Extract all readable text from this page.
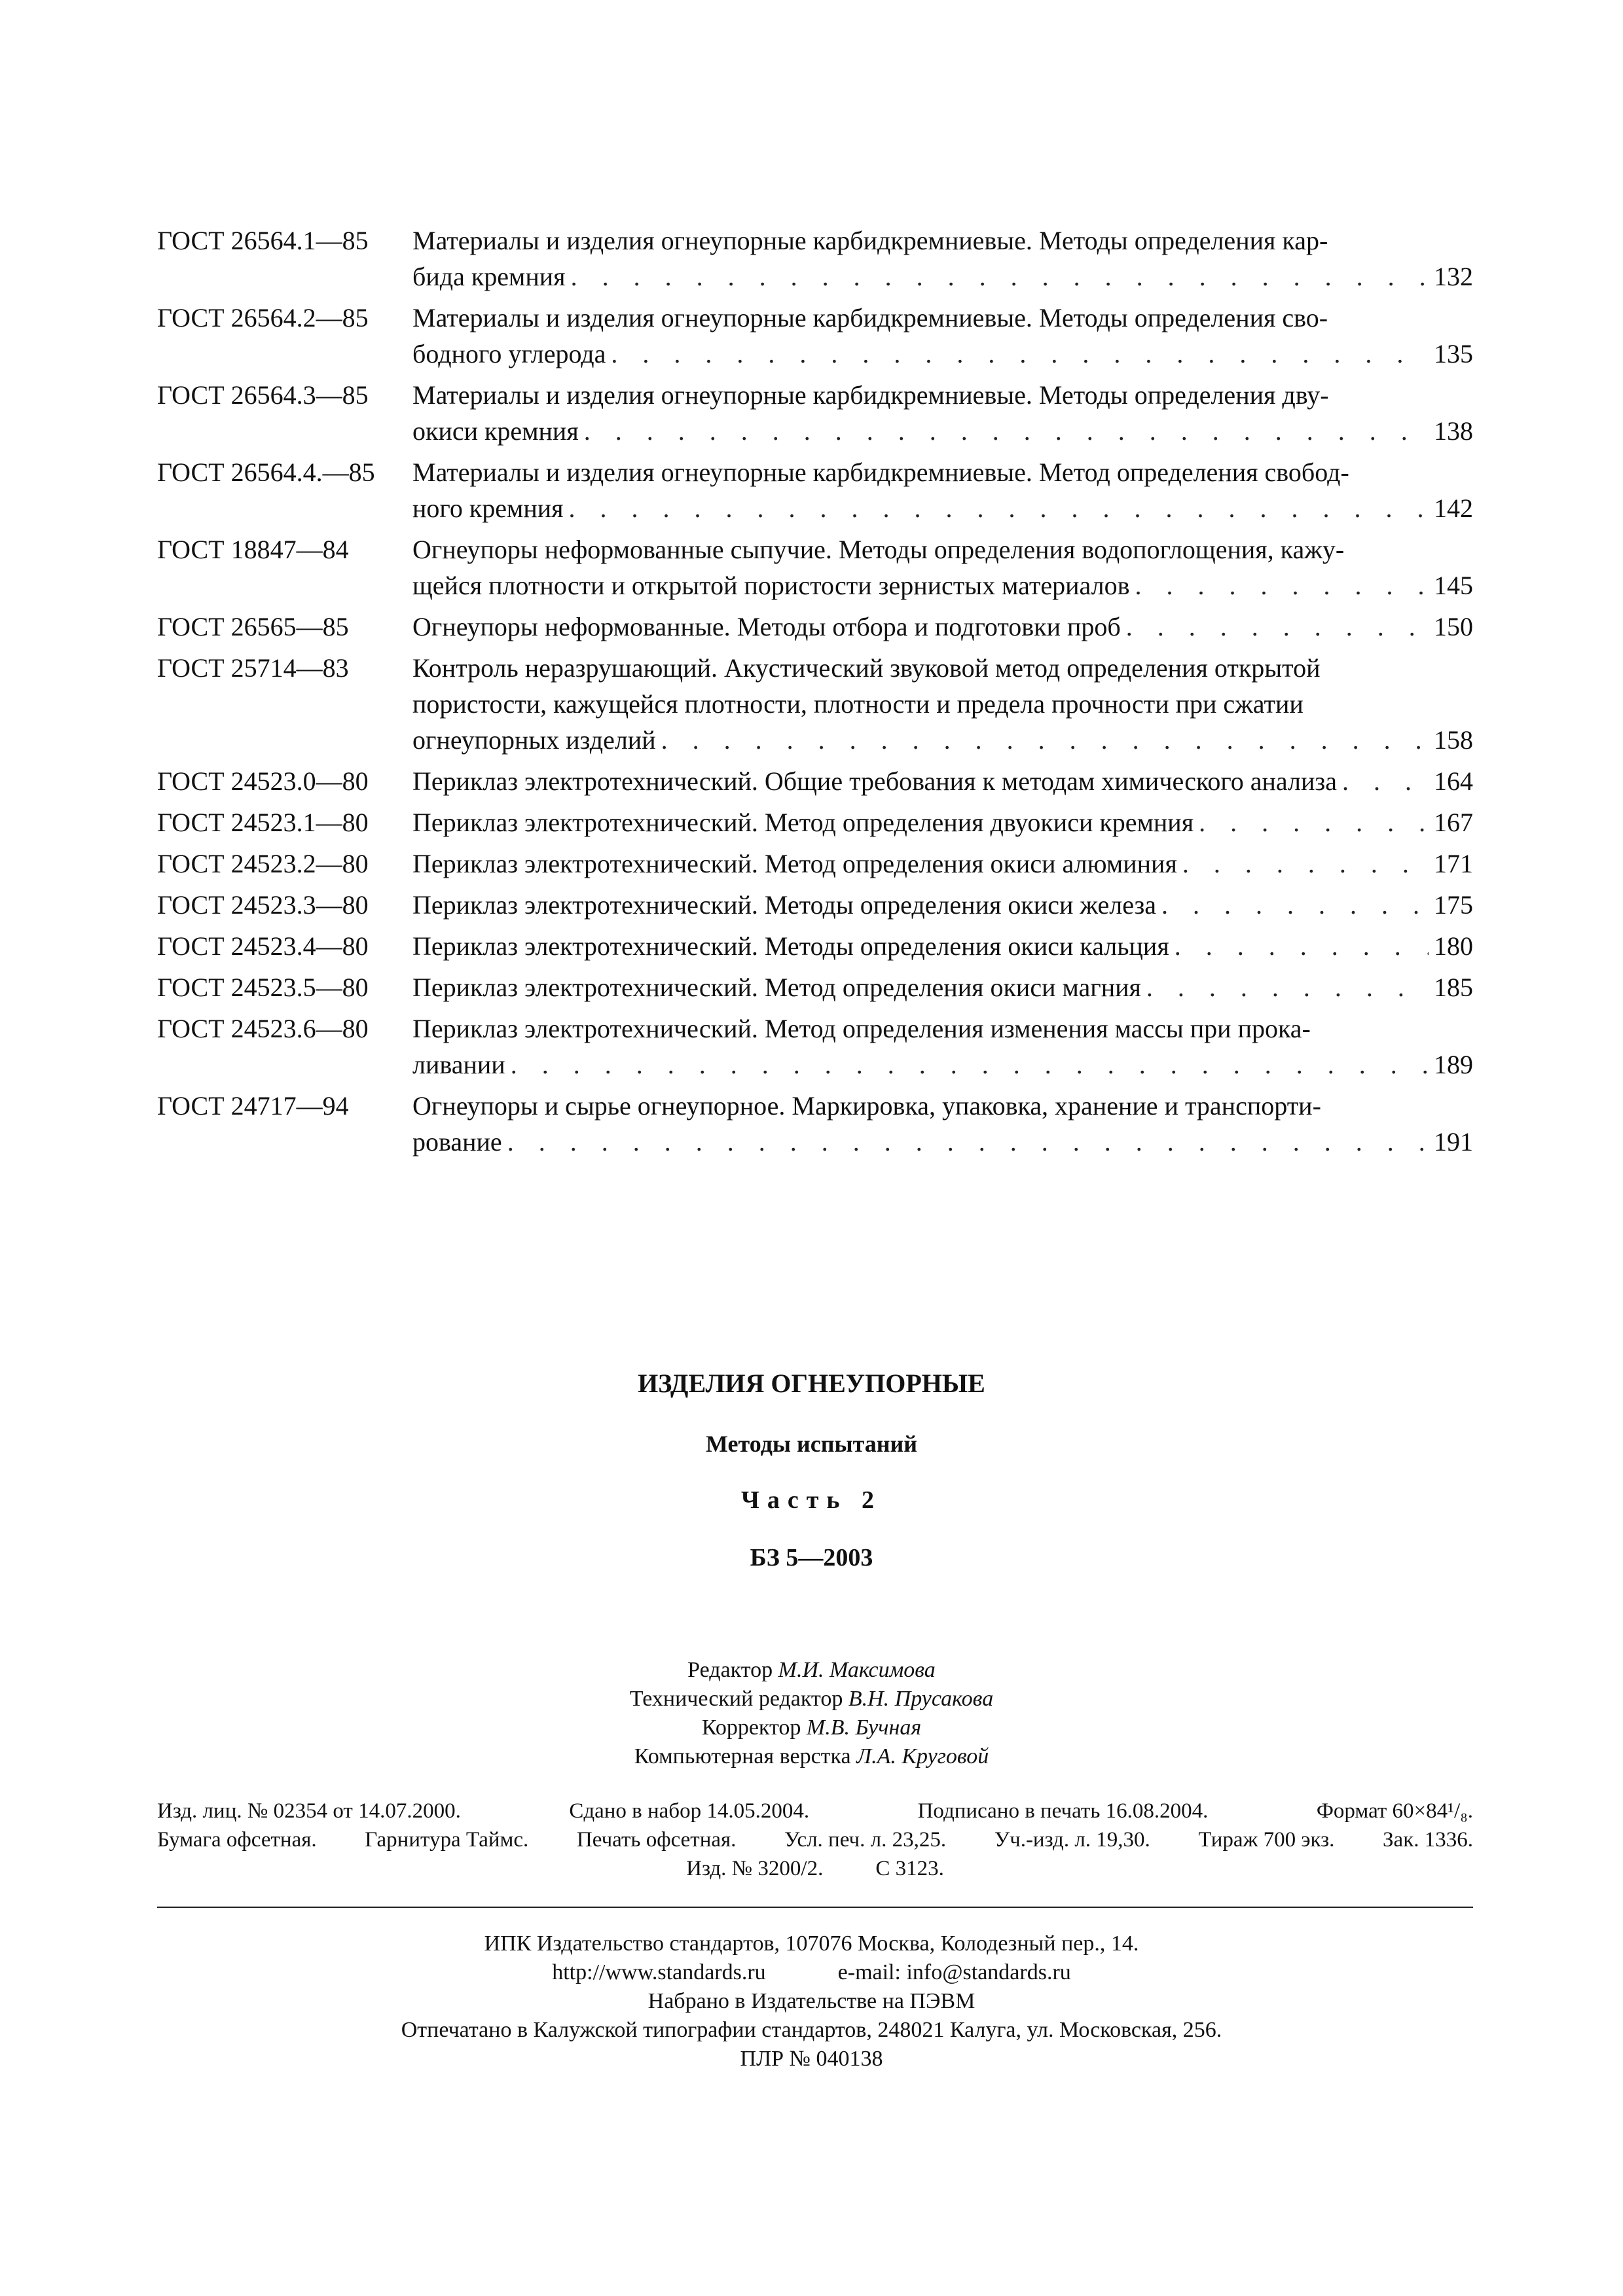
ГОСТ 26564.1—85	Материалы и изделия огнеупорные карбидкремниевые. Методы определения кар-
бида кремния . . .	132
ГОСТ 26564.2—85	Материалы и изделия огнеупорные карбидкремниевые. Методы определения сво-
бодного углерода . . .	135
ГОСТ 26564.3—85	Материалы и изделия огнеупорные карбидкремниевые. Методы определения дву-
окиси кремния . . .	138
ГОСТ 26564.4.—85	Материалы и изделия огнеупорные карбидкремниевые. Метод определения свобод-
ного кремния . . .	142
ГОСТ 18847—84	Огнеупоры неформованные сыпучие. Методы определения водопоглощения, кажу-
щейся плотности и открытой пористости зернистых материалов . . .	145
ГОСТ 26565—85	Огнеупоры неформованные. Методы отбора и подготовки проб . . .	150
ГОСТ 25714—83	Контроль неразрушающий. Акустический звуковой метод определения открытой
пористости, кажущейся плотности, плотности и предела прочности при сжатии
огнеупорных изделий . . .	158
ГОСТ 24523.0—80	Периклаз электротехнический. Общие требования к методам химического анализа . . .	164
ГОСТ 24523.1—80	Периклаз электротехнический. Метод определения двуокиси кремния . . .	167
ГОСТ 24523.2—80	Периклаз электротехнический. Метод определения окиси алюминия . . .	171
ГОСТ 24523.3—80	Периклаз электротехнический. Методы определения окиси железа . . .	175
ГОСТ 24523.4—80	Периклаз электротехнический. Методы определения окиси кальция . . .	180
ГОСТ 24523.5—80	Периклаз электротехнический. Метод определения окиси магния . . .	185
ГОСТ 24523.6—80	Периклаз электротехнический. Метод определения изменения массы при прока-
ливании . . .	189
ГОСТ 24717—94	Огнеупоры и сырье огнеупорное. Маркировка, упаковка, хранение и транспорти-
рование . . .	191
ИЗДЕЛИЯ ОГНЕУПОРНЫЕ
Методы испытаний
Часть 2
БЗ 5—2003
Редактор М.И. Максимова
Технический редактор В.Н. Прусакова
Корректор М.В. Бучная
Компьютерная верстка Л.А. Круговой
Изд. лиц. № 02354 от 14.07.2000.	Сдано в набор 14.05.2004.	Подписано в печать 16.08.2004.	Формат 60×84¹/₈.
Бумага офсетная. Гарнитура Таймс. Печать офсетная. Усл. печ. л. 23,25. Уч.-изд. л. 19,30. Тираж 700 экз. Зак. 1336.
Изд. № 3200/2. С 3123.
ИПК Издательство стандартов, 107076 Москва, Колодезный пер., 14.
http://www.standards.ru	e-mail: info@standards.ru
Набрано в Издательстве на ПЭВМ
Отпечатано в Калужской типографии стандартов, 248021 Калуга, ул. Московская, 256.
ПЛР № 040138
